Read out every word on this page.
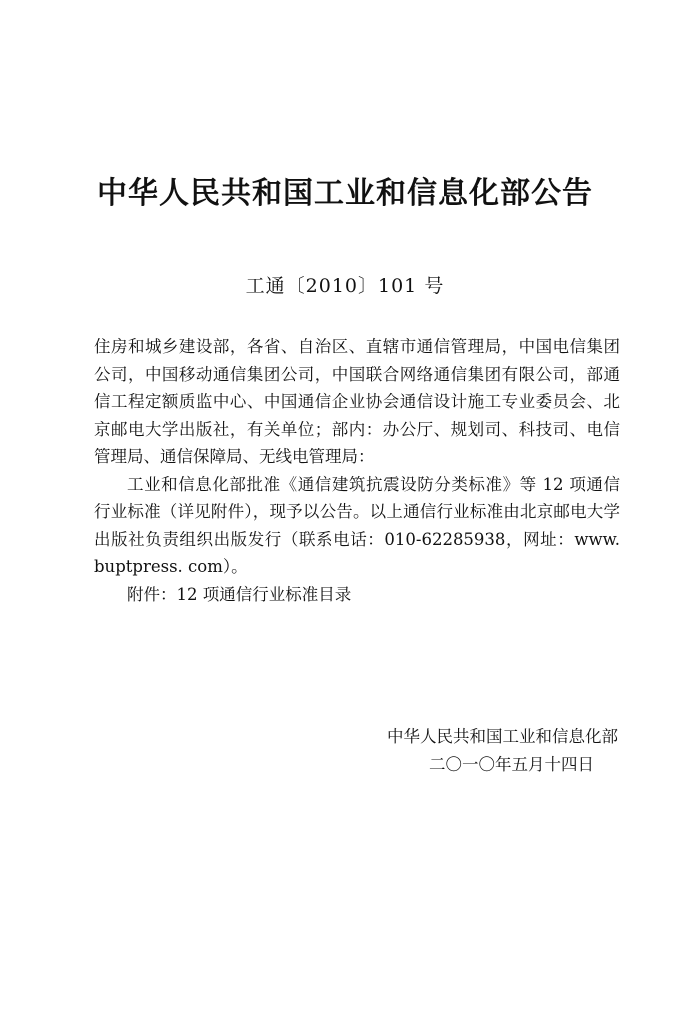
中华人民共和国工业和信息化部公告
工通〔2010〕101 号

住房和城乡建设部，各省、自治区、直辖市通信管理局，中国电信集团公司，中国移动通信集团公司，中国联合网络通信集团有限公司，部通信工程定额质监中心、中国通信企业协会通信设计施工专业委员会、北京邮电大学出版社，有关单位；部内：办公厅、规划司、科技司、电信管理局、通信保障局、无线电管理局：

工业和信息化部批准《通信建筑抗震设防分类标准》等 12 项通信行业标准（详见附件），现予以公告。以上通信行业标准由北京邮电大学出版社负责组织出版发行（联系电话：010-62285938，网址：www. buptpress. com）。

附件：12 项通信行业标准目录

中华人民共和国工业和信息化部
二〇一〇年五月十四日
